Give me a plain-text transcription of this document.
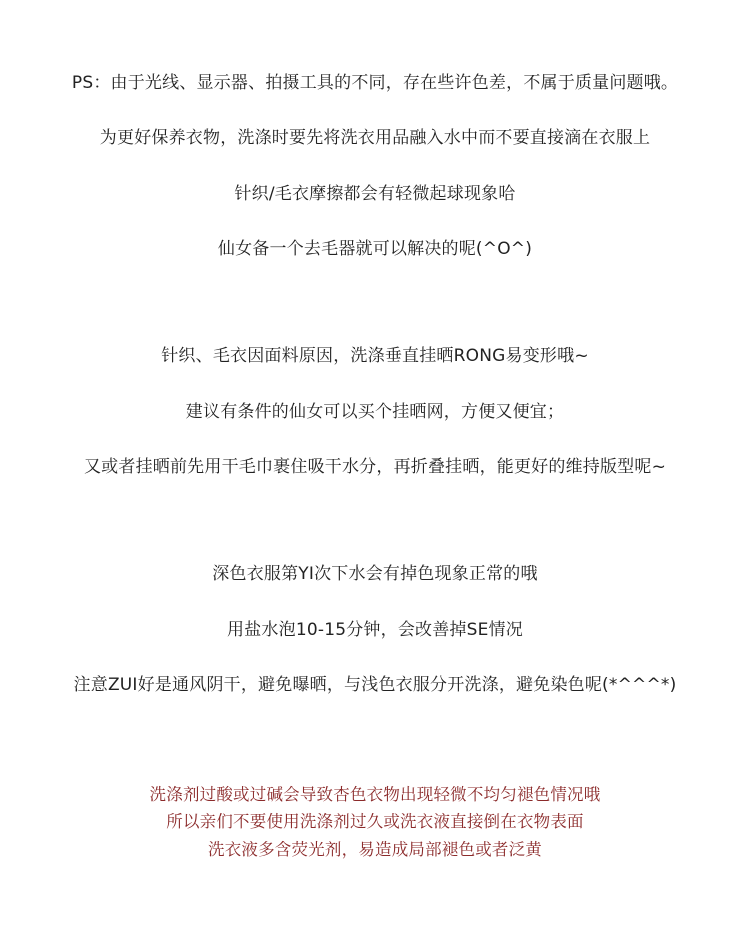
PS：由于光线、显示器、拍摄工具的不同，存在些许色差，不属于质量问题哦。
为更好保养衣物，洗涤时要先将洗衣用品融入水中而不要直接滴在衣服上
针织/毛衣摩擦都会有轻微起球现象哈
仙女备一个去毛器就可以解决的呢(^O^)
针织、毛衣因面料原因，洗涤垂直挂晒RONG易变形哦~
建议有条件的仙女可以买个挂晒网，方便又便宜；
又或者挂晒前先用干毛巾裹住吸干水分，再折叠挂晒，能更好的维持版型呢~
深色衣服第YI次下水会有掉色现象正常的哦
用盐水泡10-15分钟，会改善掉SE情况
注意ZUI好是通风阴干，避免曝晒，与浅色衣服分开洗涤，避免染色呢(*^^^*)
洗涤剂过酸或过碱会导致杏色衣物出现轻微不均匀褪色情况哦
所以亲们不要使用洗涤剂过久或洗衣液直接倒在衣物表面
洗衣液多含荧光剂，易造成局部褪色或者泛黄
